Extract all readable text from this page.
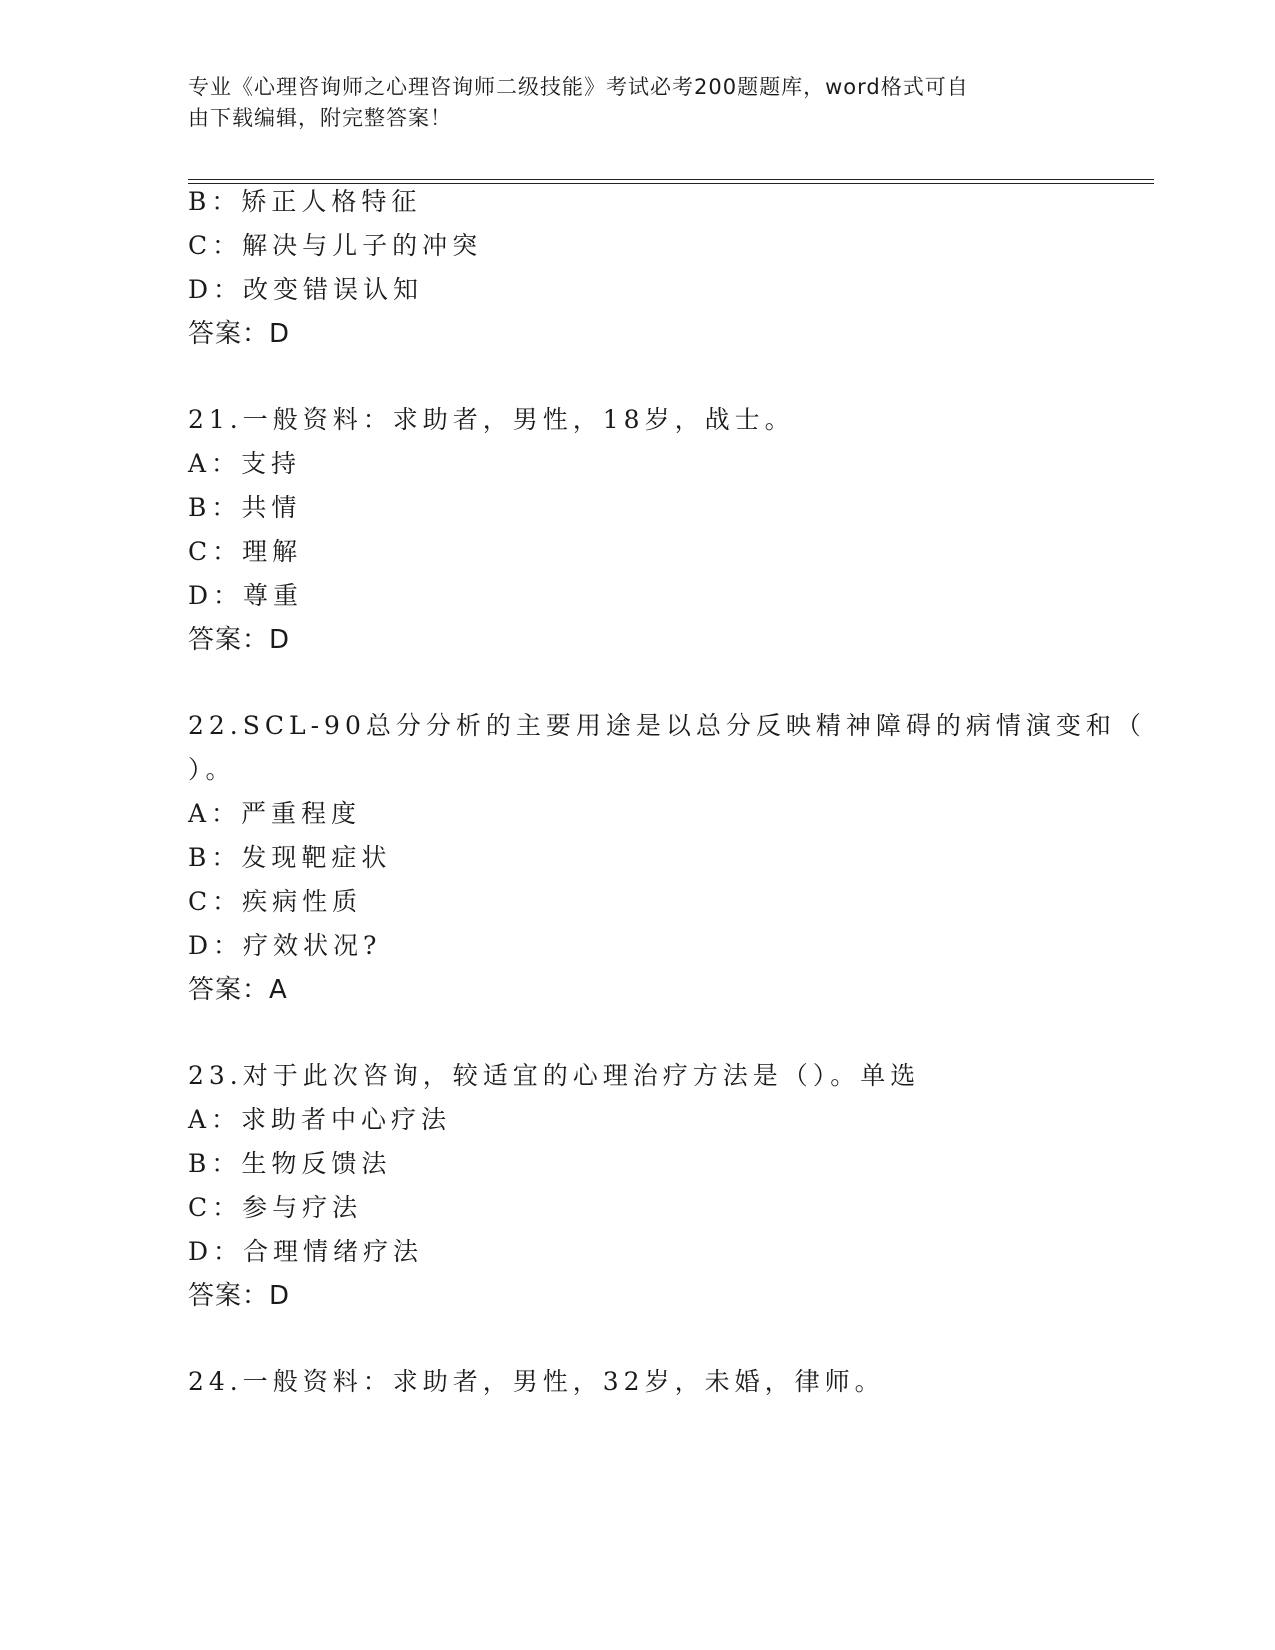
专业《心理咨询师之心理咨询师二级技能》考试必考200题题库，word格式可自
由下载编辑，附完整答案！
B：矫正人格特征
C：解决与儿子的冲突
D：改变错误认知
答案：D
21.一般资料：求助者，男性，18岁，战士。
A：支持
B：共情
C：理解
D：尊重
答案：D
22.SCL-90总分分析的主要用途是以总分反映精神障碍的病情演变和（
）。
A：严重程度
B：发现靶症状
C：疾病性质
D：疗效状况?
答案：A
23.对于此次咨询，较适宜的心理治疗方法是（）。单选
A：求助者中心疗法
B：生物反馈法
C：参与疗法
D：合理情绪疗法
答案：D
24.一般资料：求助者，男性，32岁，未婚，律师。
